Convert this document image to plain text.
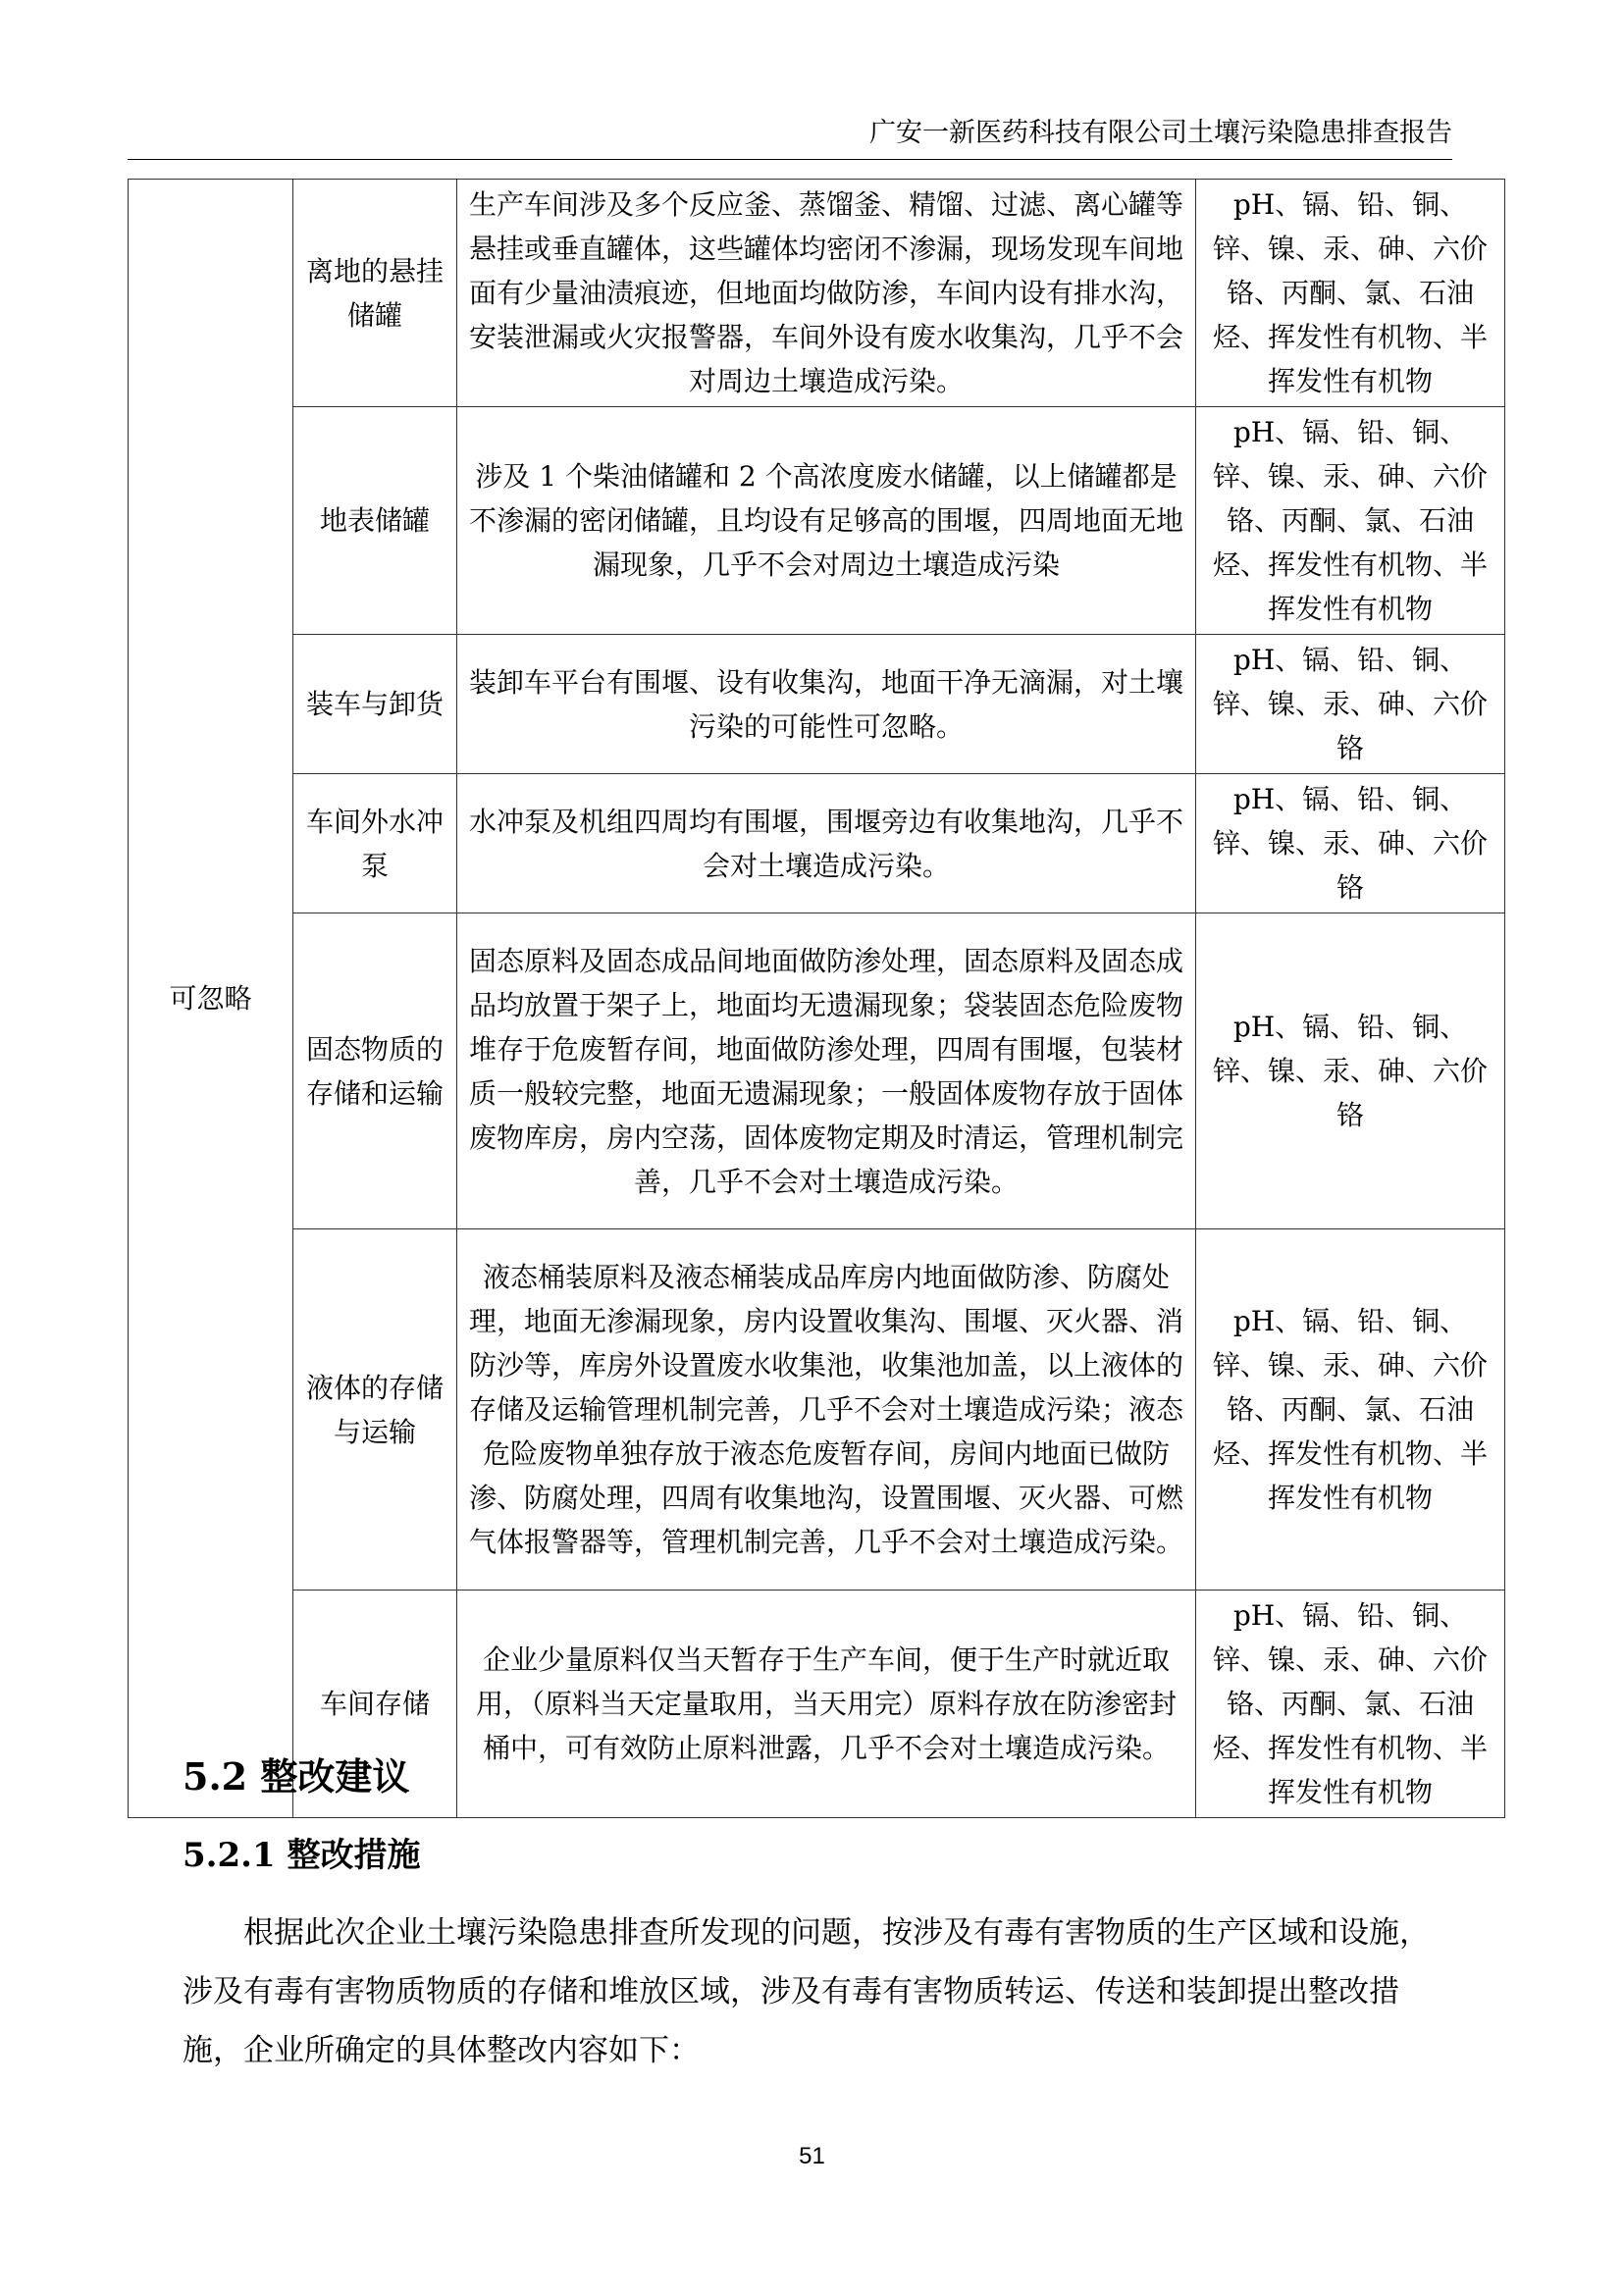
广安一新医药科技有限公司土壤污染隐患排查报告
可忽略	离地的悬挂储罐	生产车间涉及多个反应釜、蒸馏釜、精馏、过滤、离心罐等悬挂或垂直罐体，这些罐体均密闭不渗漏，现场发现车间地面有少量油渍痕迹，但地面均做防渗，车间内设有排水沟，安装泄漏或火灾报警器，车间外设有废水收集沟，几乎不会对周边土壤造成污染。	pH、镉、铅、铜、锌、镍、汞、砷、六价铬、丙酮、氯、石油烃、挥发性有机物、半挥发性有机物
	地表储罐	涉及 1 个柴油储罐和 2 个高浓度废水储罐，以上储罐都是不渗漏的密闭储罐，且均设有足够高的围堰，四周地面无地漏现象，几乎不会对周边土壤造成污染	pH、镉、铅、铜、锌、镍、汞、砷、六价铬、丙酮、氯、石油烃、挥发性有机物、半挥发性有机物
	装车与卸货	装卸车平台有围堰、设有收集沟，地面干净无滴漏，对土壤污染的可能性可忽略。	pH、镉、铅、铜、锌、镍、汞、砷、六价铬
	车间外水冲泵	水冲泵及机组四周均有围堰，围堰旁边有收集地沟，几乎不会对土壤造成污染。	pH、镉、铅、铜、锌、镍、汞、砷、六价铬
	固态物质的存储和运输	固态原料及固态成品间地面做防渗处理，固态原料及固态成品均放置于架子上，地面均无遗漏现象；袋装固态危险废物堆存于危废暂存间，地面做防渗处理，四周有围堰，包装材质一般较完整，地面无遗漏现象；一般固体废物存放于固体废物库房，房内空荡，固体废物定期及时清运，管理机制完善，几乎不会对土壤造成污染。	pH、镉、铅、铜、锌、镍、汞、砷、六价铬
	液体的存储与运输	液态桶装原料及液态桶装成品库房内地面做防渗、防腐处理，地面无渗漏现象，房内设置收集沟、围堰、灭火器、消防沙等，库房外设置废水收集池，收集池加盖，以上液体的存储及运输管理机制完善，几乎不会对土壤造成污染；液态危险废物单独存放于液态危废暂存间，房间内地面已做防渗、防腐处理，四周有收集地沟，设置围堰、灭火器、可燃气体报警器等，管理机制完善，几乎不会对土壤造成污染。	pH、镉、铅、铜、锌、镍、汞、砷、六价铬、丙酮、氯、石油烃、挥发性有机物、半挥发性有机物
	车间存储	企业少量原料仅当天暂存于生产车间，便于生产时就近取用，（原料当天定量取用，当天用完）原料存放在防渗密封桶中，可有效防止原料泄露，几乎不会对土壤造成污染。	pH、镉、铅、铜、锌、镍、汞、砷、六价铬、丙酮、氯、石油烃、挥发性有机物、半挥发性有机物
5.2 整改建议
5.2.1 整改措施
根据此次企业土壤污染隐患排查所发现的问题，按涉及有毒有害物质的生产区域和设施，涉及有毒有害物质物质的存储和堆放区域，涉及有毒有害物质转运、传送和装卸提出整改措施，企业所确定的具体整改内容如下：
51
